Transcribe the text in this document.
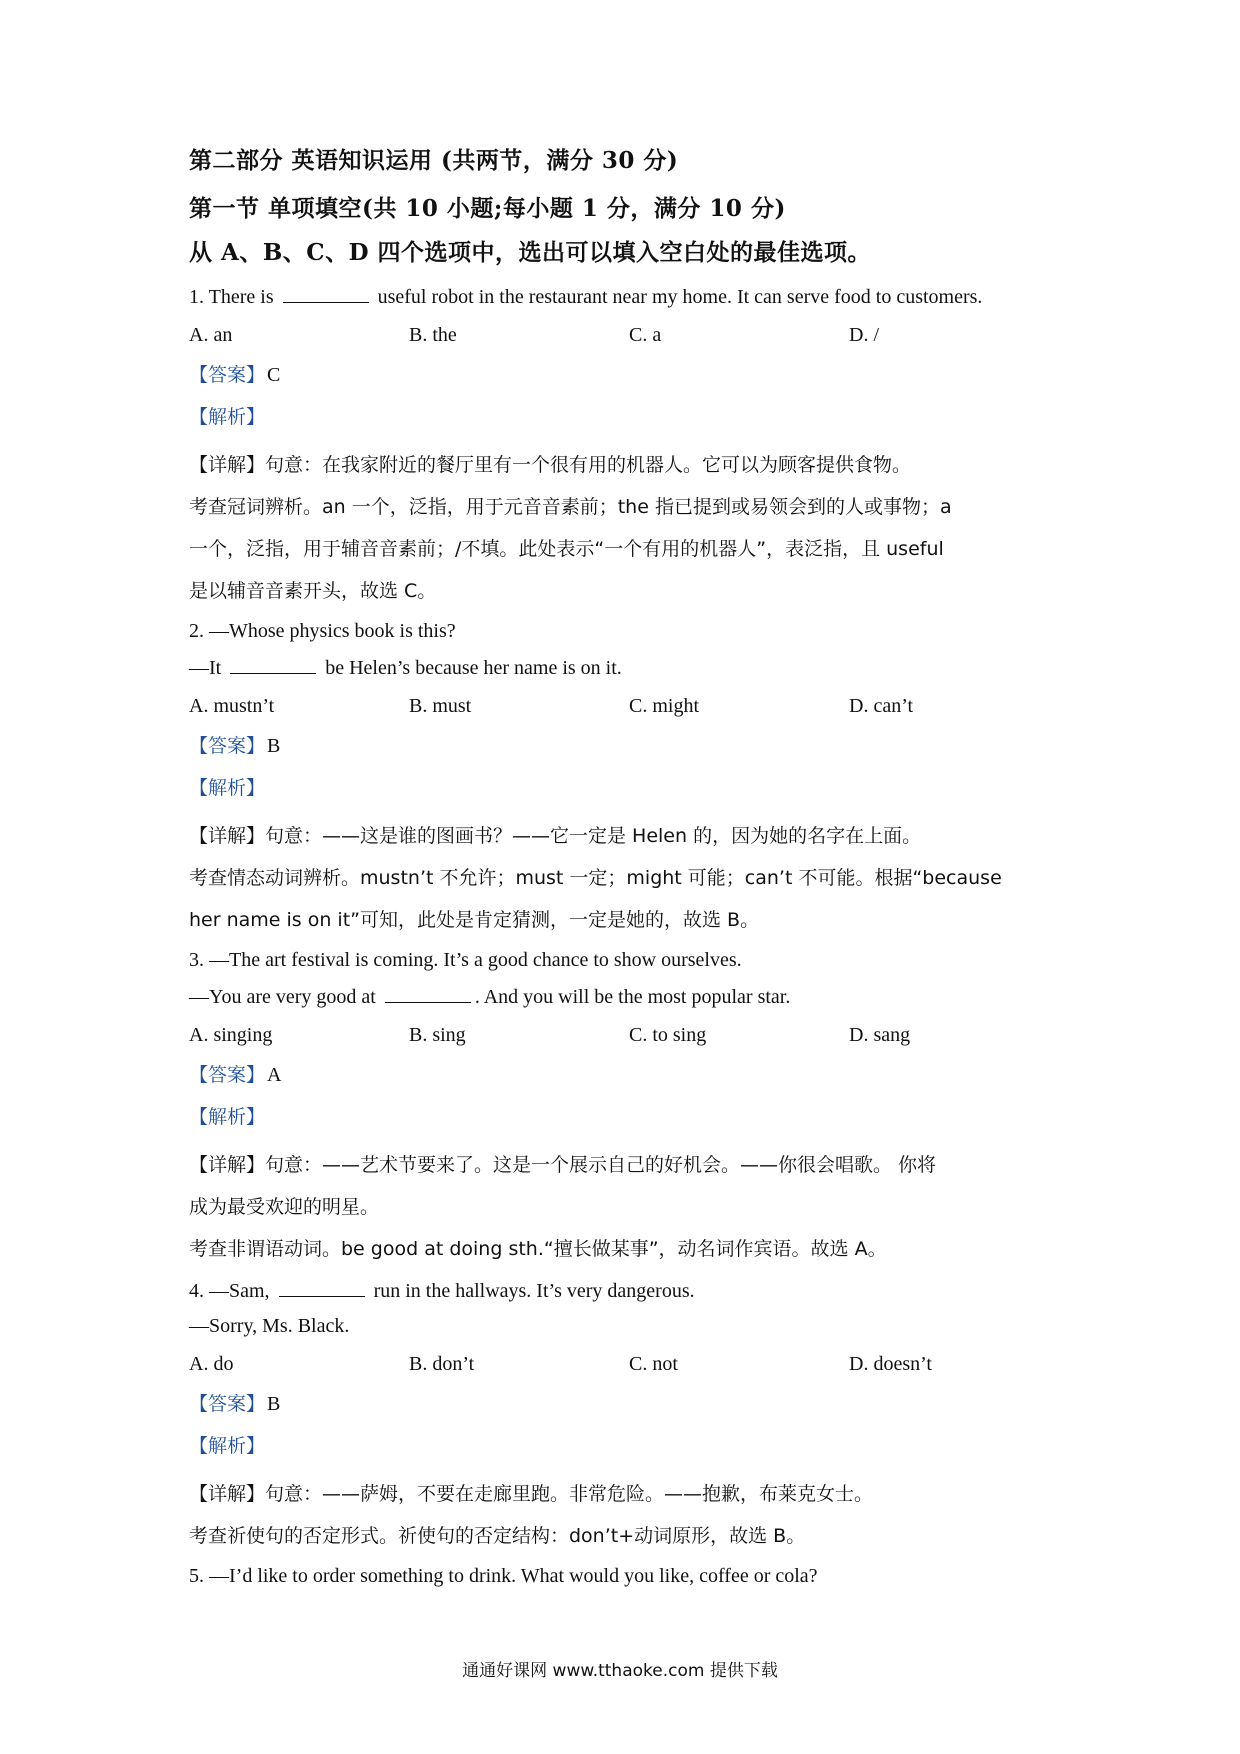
第二部分 英语知识运用 (共两节，满分 30 分)

第一节 单项填空(共 10 小题;每小题 1 分，满分 10 分)

从 A、B、C、D 四个选项中，选出可以填入空白处的最佳选项。

1. There is	useful robot in the restaurant near my home. It can serve food to customers.

A. an	B. the	C. a	D. /

【答案】 C

【解析】

【详解】句意：在我家附近的餐厅里有一个很有用的机器人。它可以为顾客提供食物。

考查冠词辨析。an 一个，泛指，用于元音音素前；the 指已提到或易领会到的人或事物；a

一个，泛指，用于辅音音素前；/不填。此处表示“一个有用的机器人”，表泛指，且 useful

是以辅音音素开头，故选 C。

2. —Whose physics book is this?

—It	be Helen’s because her name is on it.

A. mustn’t	B. must	C. might	D. can’t

【答案】 B

【解析】

【详解】句意：——这是谁的图画书？——它一定是 Helen 的，因为她的名字在上面。

考查情态动词辨析。mustn’t 不允许；must 一定；might 可能；can’t 不可能。根据“because

her name is on it”可知，此处是肯定猜测，一定是她的，故选 B。

3. —The art festival is coming. It’s a good chance to show ourselves.

—You are very good at	. And you will be the most popular star.

A. singing	B. sing	C. to sing	D. sang

【答案】 A

【解析】

【详解】句意：——艺术节要来了。这是一个展示自己的好机会。——你很会唱歌。 你将

成为最受欢迎的明星。

考查非谓语动词。be good at doing sth.“擅长做某事”，动名词作宾语。故选 A。

4. —Sam,	run in the hallways. It’s very dangerous.

—Sorry, Ms. Black.

A. do	B. don’t	C. not	D. doesn’t

【答案】 B

【解析】

【详解】句意：——萨姆，不要在走廊里跑。非常危险。——抱歉，布莱克女士。

考查祈使句的否定形式。祈使句的否定结构：don’t+动词原形，故选 B。

5. —I’d like to order something to drink. What would you like, coffee or cola?

通通好课网 www.tthaoke.com 提供下载
